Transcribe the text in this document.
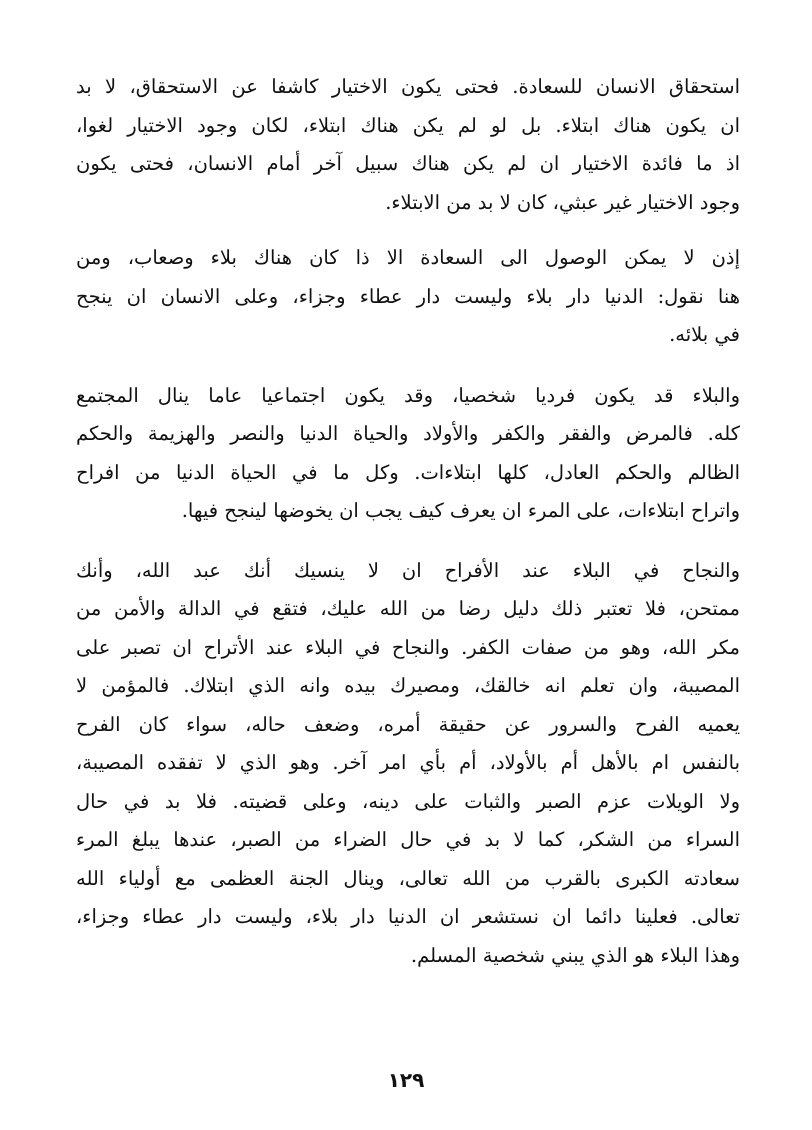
استحقاق الانسان للسعادة. فحتى يكون الاختيار كاشفا عن الاستحقاق، لا بد
ان يكون هناك ابتلاء. بل لو لم يكن هناك ابتلاء، لكان وجود الاختيار لغوا،
اذ ما فائدة الاختيار ان لم يكن هناك سبيل آخر أمام الانسان، فحتى يكون
وجود الاختيار غير عبثي، كان لا بد من الابتلاء.
إذن لا يمكن الوصول الى السعادة الا ذا كان هناك بلاء وصعاب، ومن
هنا نقول: الدنيا دار بلاء وليست دار عطاء وجزاء، وعلى الانسان ان ينجح
في بلائه.
والبلاء قد يكون فرديا شخصيا، وقد يكون اجتماعيا عاما ينال المجتمع
كله. فالمرض والفقر والكفر والأولاد والحياة الدنيا والنصر والهزيمة والحكم
الظالم والحكم العادل، كلها ابتلاءات. وكل ما في الحياة الدنيا من افراح
واتراح ابتلاءات، على المرء ان يعرف كيف يجب ان يخوضها لينجح فيها.
والنجاح في البلاء عند الأفراح ان لا ينسيك أنك عبد الله، وأنك
ممتحن، فلا تعتبر ذلك دليل رضا من الله عليك، فتقع في الدالة والأمن من
مكر الله، وهو من صفات الكفر. والنجاح في البلاء عند الأتراح ان تصبر على
المصيبة، وان تعلم انه خالقك، ومصيرك بيده وانه الذي ابتلاك. فالمؤمن لا
يعميه الفرح والسرور عن حقيقة أمره، وضعف حاله، سواء كان الفرح
بالنفس ام بالأهل أم بالأولاد، أم بأي امر آخر. وهو الذي لا تفقده المصيبة،
ولا الويلات عزم الصبر والثبات على دينه، وعلى قضيته. فلا بد في حال
السراء من الشكر، كما لا بد في حال الضراء من الصبر، عندها يبلغ المرء
سعادته الكبرى بالقرب من الله تعالى، وينال الجنة العظمى مع أولياء الله
تعالى. فعلينا دائما ان نستشعر ان الدنيا دار بلاء، وليست دار عطاء وجزاء،
وهذا البلاء هو الذي يبني شخصية المسلم.
١٢٩
